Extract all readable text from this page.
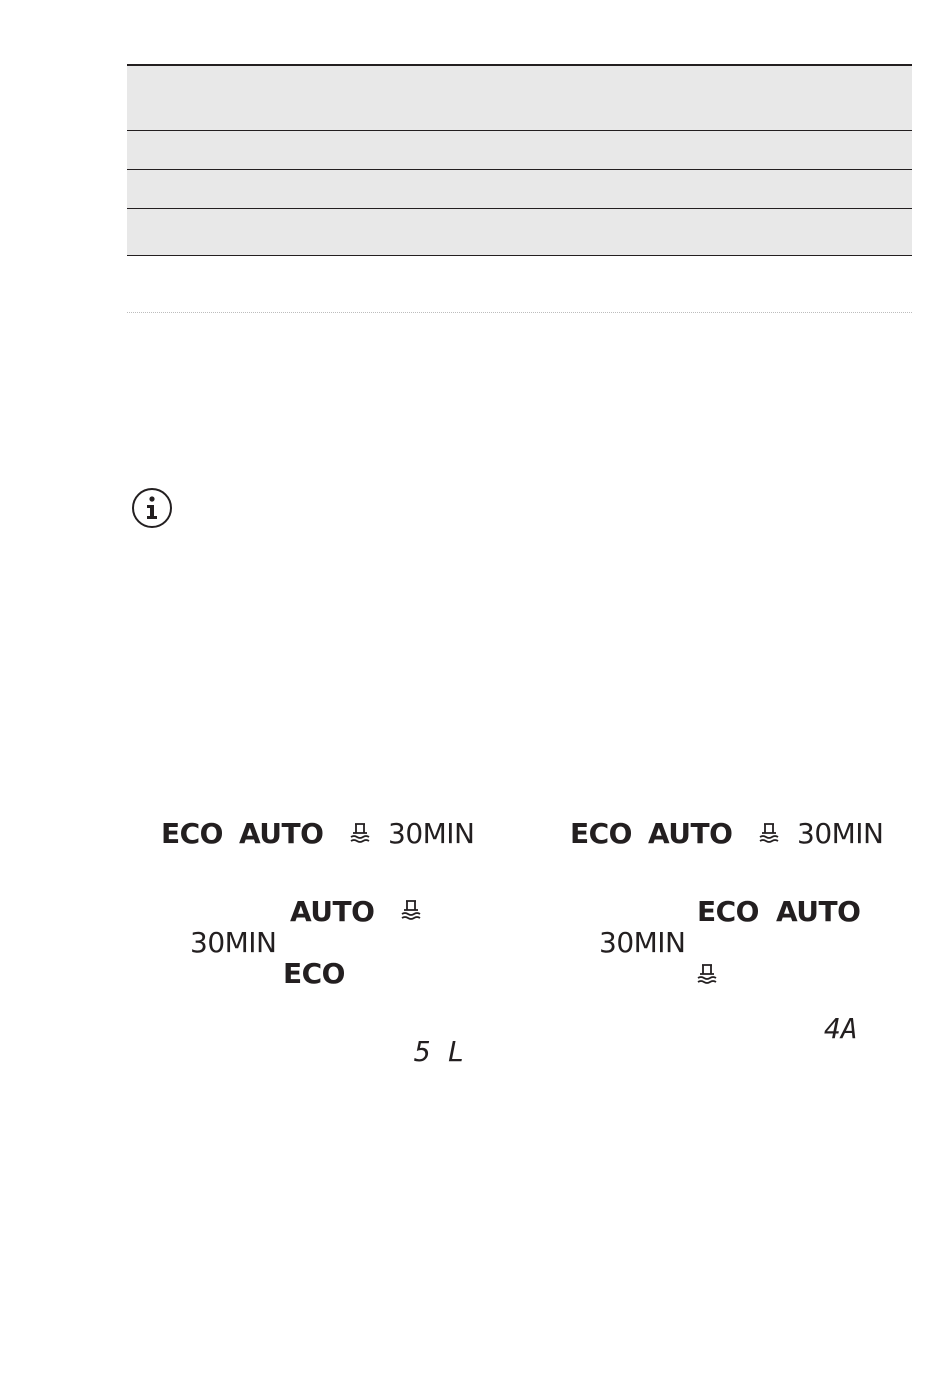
ECO AUTO 30MIN
AUTO
30MIN
ECO
5 L
ECO AUTO 30MIN
ECO AUTO
30MIN
4A
